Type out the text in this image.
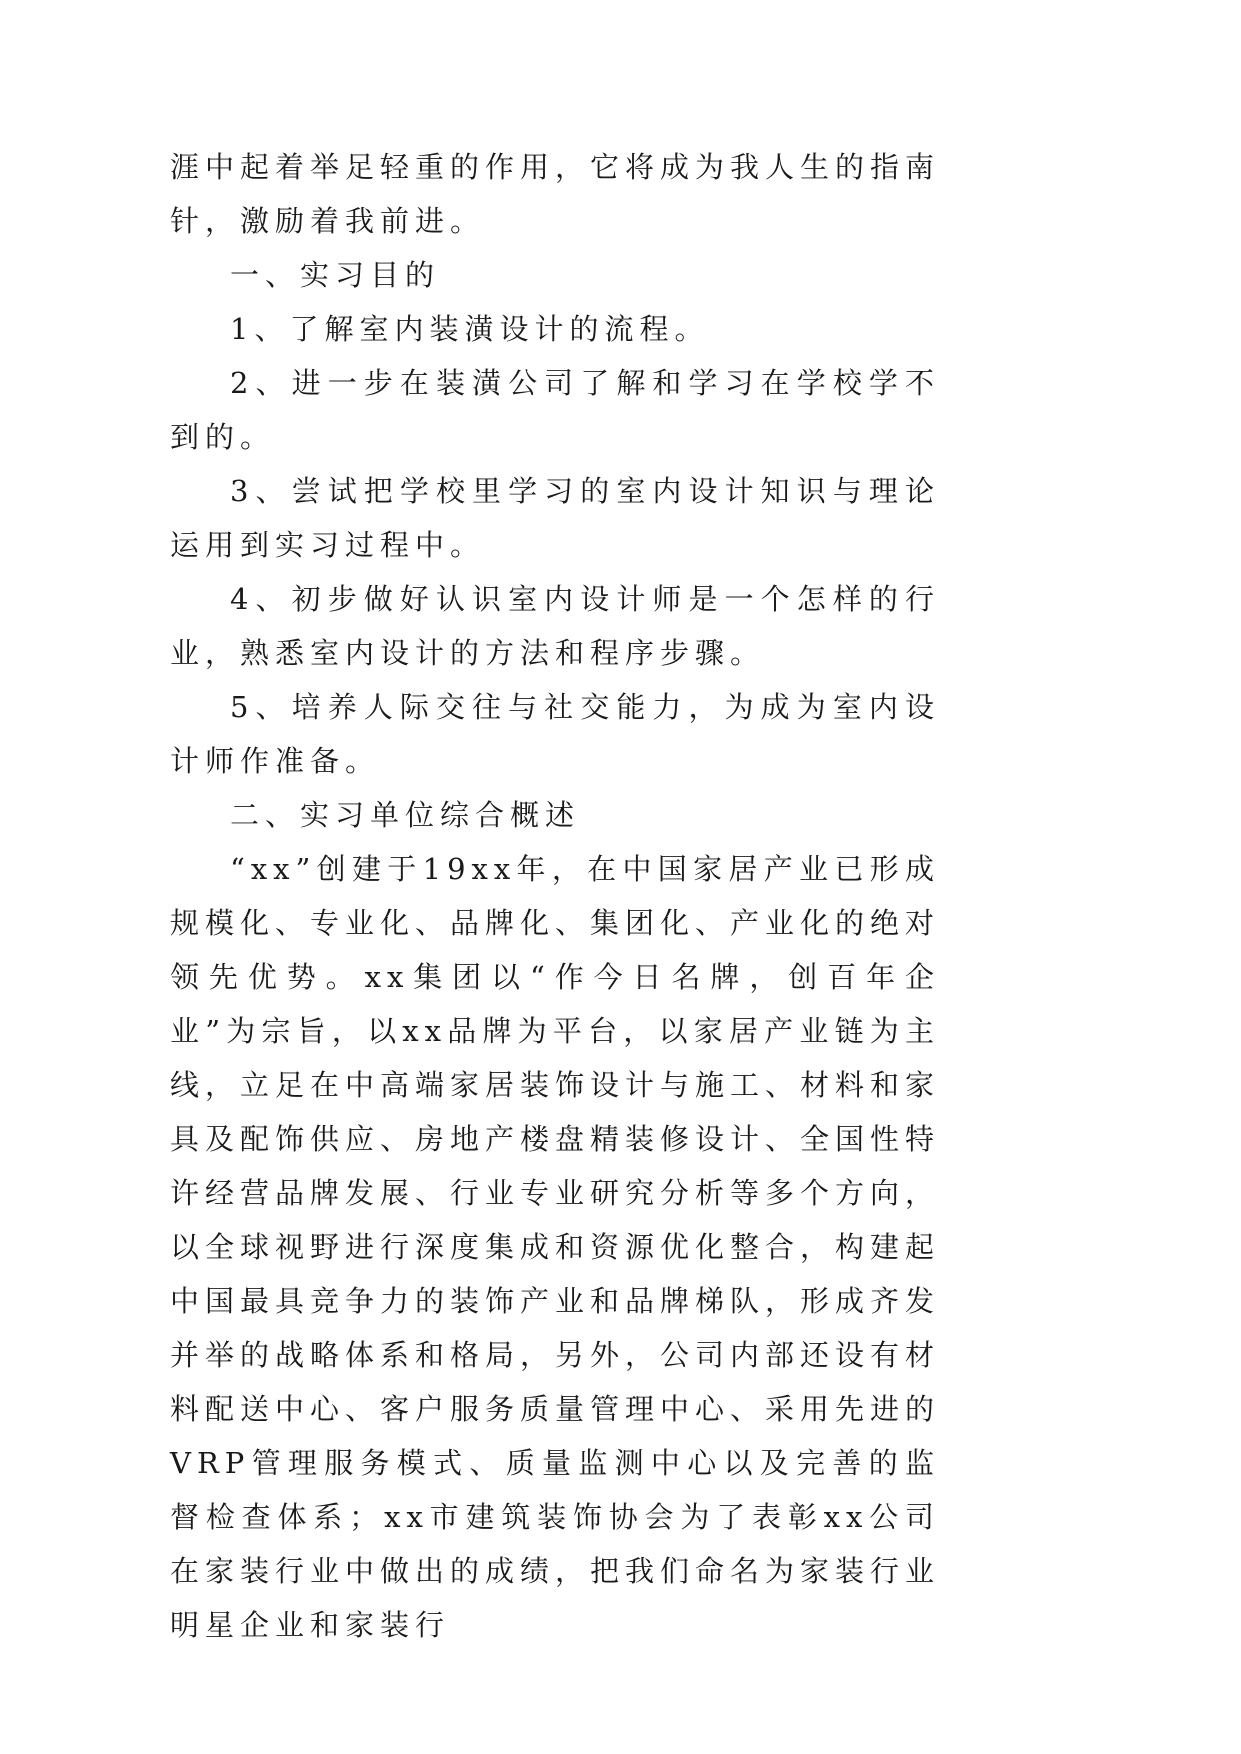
涯中起着举足轻重的作用，它将成为我人生的指南针，激励着我前进。

一、实习目的

1、了解室内装潢设计的流程。

2、进一步在装潢公司了解和学习在学校学不到的。

3、尝试把学校里学习的室内设计知识与理论运用到实习过程中。

4、初步做好认识室内设计师是一个怎样的行业，熟悉室内设计的方法和程序步骤。

5、培养人际交往与社交能力，为成为室内设计师作准备。

二、实习单位综合概述

“xx”创建于19xx年，在中国家居产业已形成规模化、专业化、品牌化、集团化、产业化的绝对领先优势。xx集团以“作今日名牌，创百年企业”为宗旨，以xx品牌为平台，以家居产业链为主线，立足在中高端家居装饰设计与施工、材料和家具及配饰供应、房地产楼盘精装修设计、全国性特许经营品牌发展、行业专业研究分析等多个方向，以全球视野进行深度集成和资源优化整合，构建起中国最具竞争力的装饰产业和品牌梯队，形成齐发并举的战略体系和格局，另外，公司内部还设有材料配送中心、客户服务质量管理中心、采用先进的VRP管理服务模式、质量监测中心以及完善的监督检查体系；xx市建筑装饰协会为了表彰xx公司在家装行业中做出的成绩，把我们命名为家装行业明星企业和家装行
